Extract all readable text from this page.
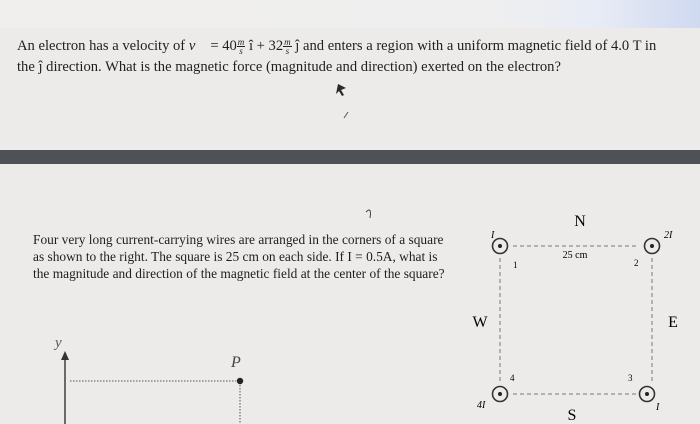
An electron has a velocity of v⃗ = $40 \frac{m}{s}$ î + $32 \frac{m}{s}$ ĵ and enters a region with a uniform magnetic field of 4.0 T in
the ĵ direction. What is the magnetic force (magnitude and direction) exerted on the electron?
Four very long current-carrying wires are arranged in the corners of a square as shown to the right. The square is 25 cm on each side. If I = 0.5A, what is the magnitude and direction of the magnetic field at the center of the square?
N
S
W	E
25 cm
I
1
2I
2
I
3
4I
4
y
P
